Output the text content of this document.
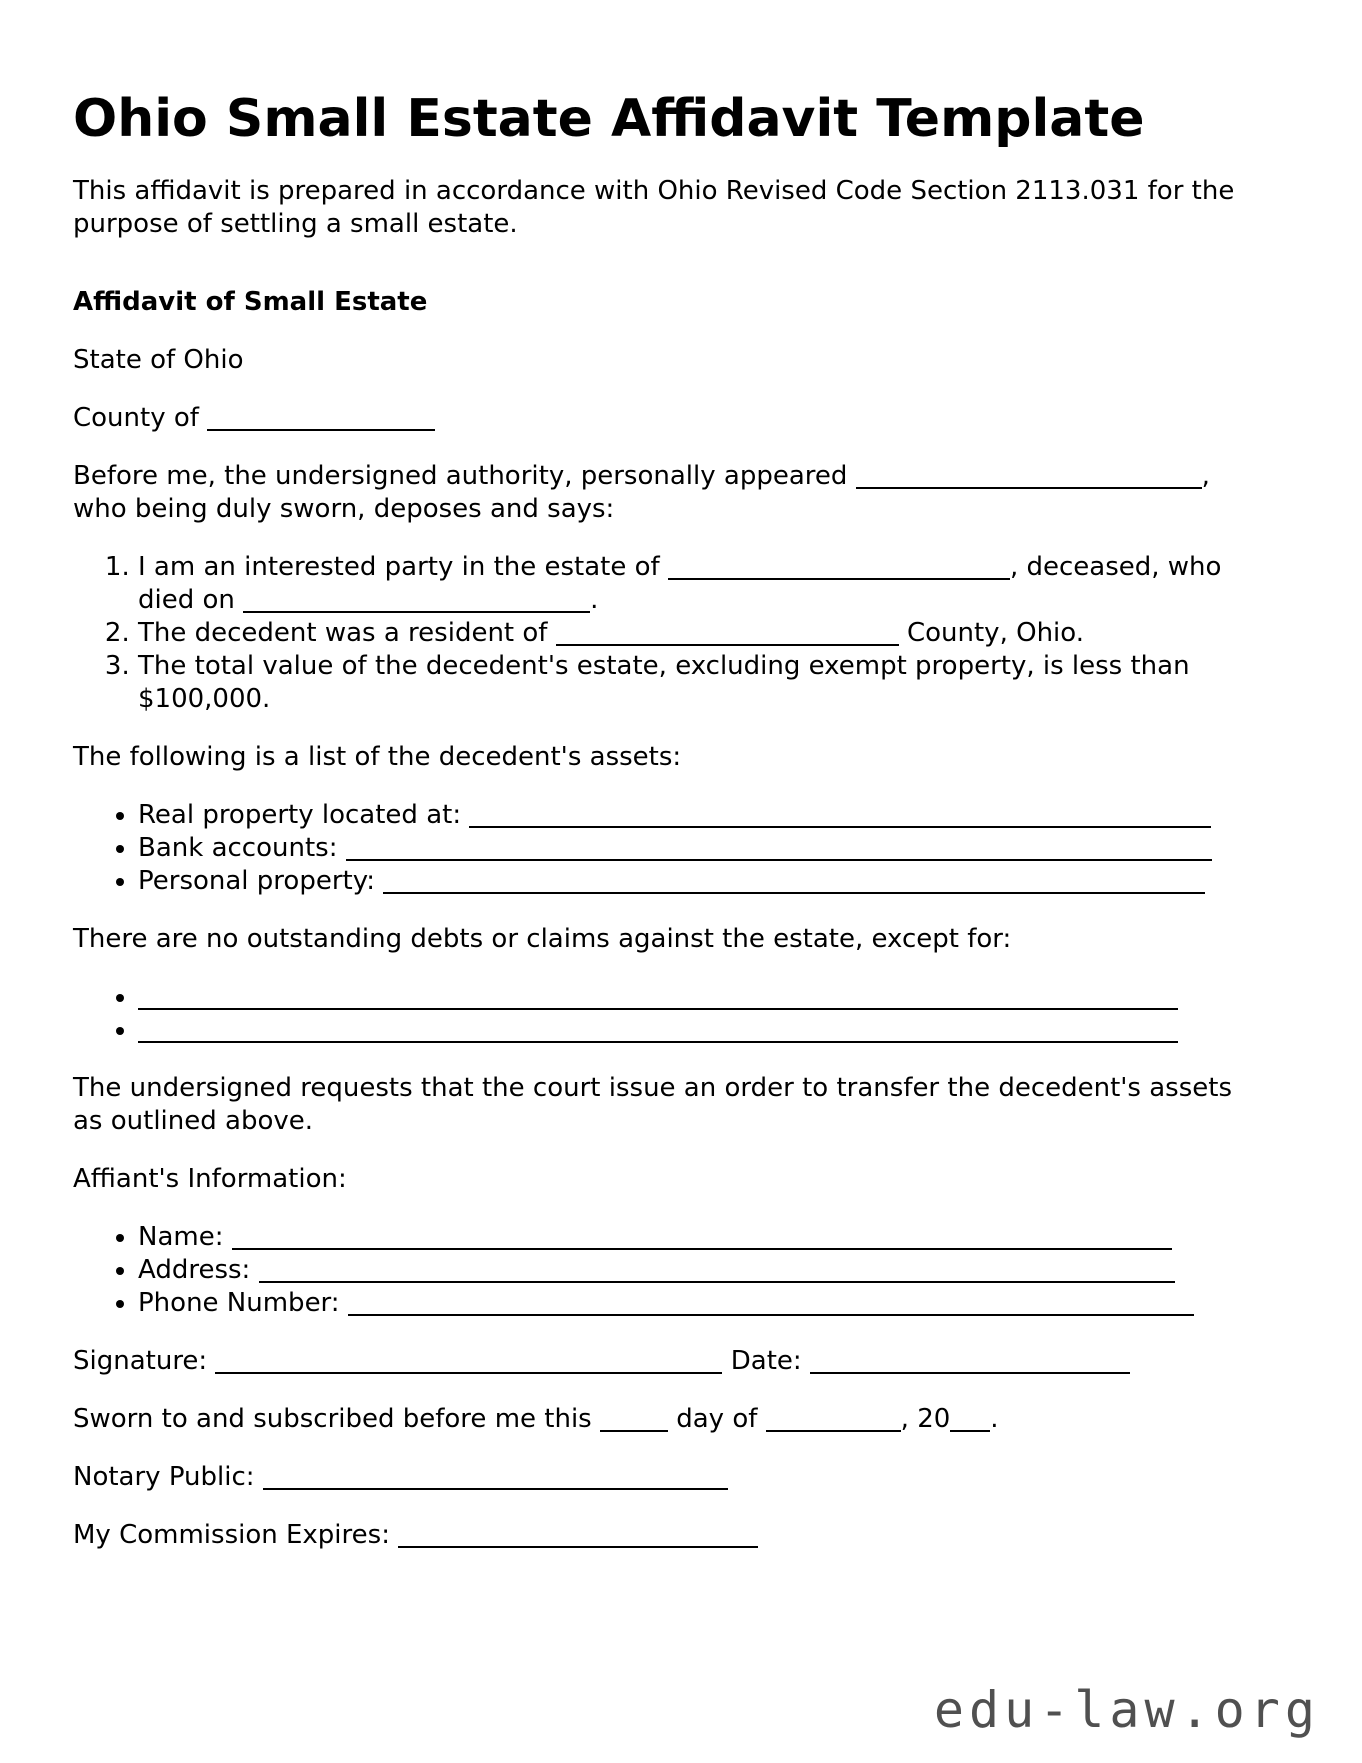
Ohio Small Estate Affidavit Template

This affidavit is prepared in accordance with Ohio Revised Code Section 2113.031 for the purpose of settling a small estate.

Affidavit of Small Estate

State of Ohio

County of

Before me, the undersigned authority, personally appeared	, who being duly sworn, deposes and says:

1. I am an interested party in the estate of	, deceased, who died on	.
2. The decedent was a resident of	County, Ohio.
3. The total value of the decedent's estate, excluding exempt property, is less than $100,000.

The following is a list of the decedent's assets:

• Real property located at:
• Bank accounts:
• Personal property:

There are no outstanding debts or claims against the estate, except for:

•
•

The undersigned requests that the court issue an order to transfer the decedent's assets as outlined above.

Affiant's Information:

• Name:
• Address:
• Phone Number:

Signature:	Date:

Sworn to and subscribed before me this	day of	, 20 .

Notary Public:

My Commission Expires:

edu-law.org
